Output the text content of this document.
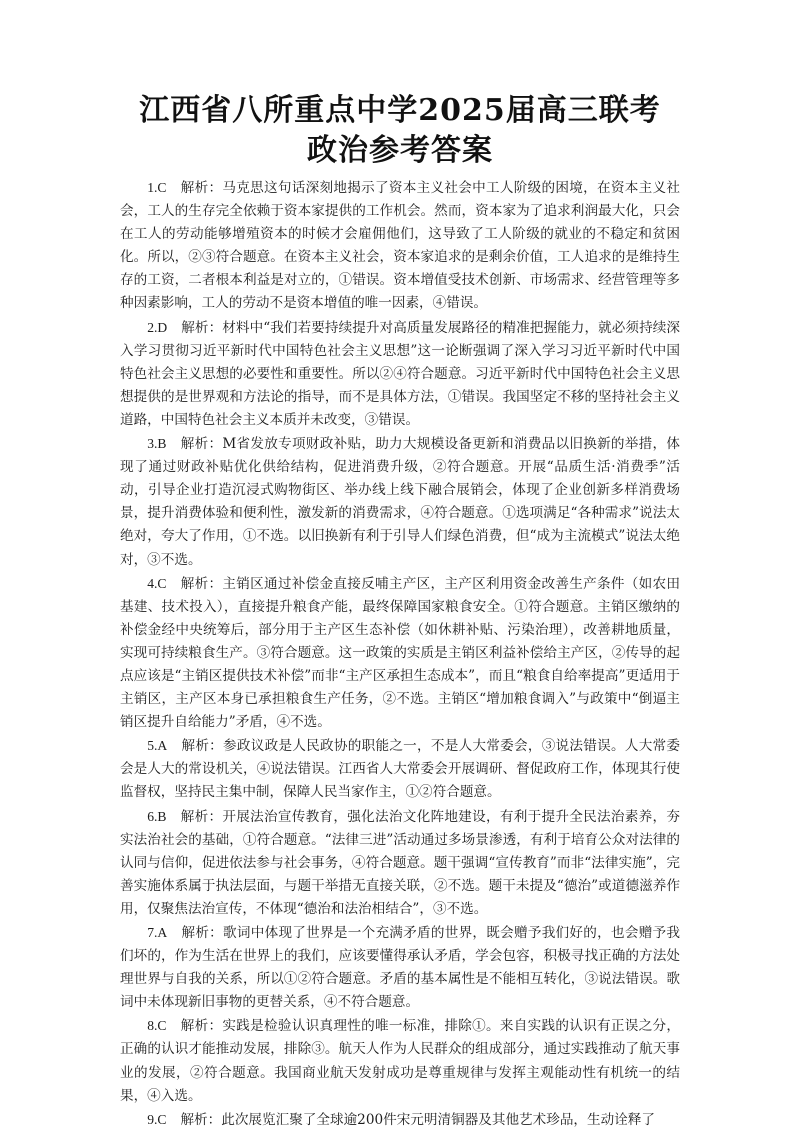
江西省八所重点中学2025届高三联考
政治参考答案

1.C 解析：马克思这句话深刻地揭示了资本主义社会中工人阶级的困境，在资本主义社会，工人的生存完全依赖于资本家提供的工作机会。然而，资本家为了追求利润最大化，只会在工人的劳动能够增殖资本的时候才会雇佣他们，这导致了工人阶级的就业的不稳定和贫困化。所以，②③符合题意。在资本主义社会，资本家追求的是剩余价值，工人追求的是维持生存的工资，二者根本利益是对立的，①错误。资本增值受技术创新、市场需求、经营管理等多种因素影响，工人的劳动不是资本增值的唯一因素，④错误。

2.D 解析：材料中“我们若要持续提升对高质量发展路径的精准把握能力，就必须持续深入学习贯彻习近平新时代中国特色社会主义思想”这一论断强调了深入学习习近平新时代中国特色社会主义思想的必要性和重要性。所以②④符合题意。习近平新时代中国特色社会主义思想提供的是世界观和方法论的指导，而不是具体方法，①错误。我国坚定不移的坚持社会主义道路，中国特色社会主义本质并未改变，③错误。

3.B 解析：M省发放专项财政补贴，助力大规模设备更新和消费品以旧换新的举措，体现了通过财政补贴优化供给结构，促进消费升级，②符合题意。开展“品质生活·消费季”活动，引导企业打造沉浸式购物街区、举办线上线下融合展销会，体现了企业创新多样消费场景，提升消费体验和便利性，激发新的消费需求，④符合题意。①选项满足“各种需求”说法太绝对，夸大了作用，①不选。以旧换新有利于引导人们绿色消费，但“成为主流模式”说法太绝对，③不选。

4.C 解析：主销区通过补偿金直接反哺主产区，主产区利用资金改善生产条件（如农田基建、技术投入），直接提升粮食产能，最终保障国家粮食安全。①符合题意。主销区缴纳的补偿金经中央统筹后，部分用于主产区生态补偿（如休耕补贴、污染治理），改善耕地质量，实现可持续粮食生产。③符合题意。这一政策的实质是主销区利益补偿给主产区，②传导的起点应该是“主销区提供技术补偿”而非“主产区承担生态成本”，而且“粮食自给率提高”更适用于主销区，主产区本身已承担粮食生产任务，②不选。主销区“增加粮食调入”与政策中“倒逼主销区提升自给能力”矛盾，④不选。

5.A 解析：参政议政是人民政协的职能之一，不是人大常委会，③说法错误。人大常委会是人大的常设机关，④说法错误。江西省人大常委会开展调研、督促政府工作，体现其行使监督权，坚持民主集中制，保障人民当家作主，①②符合题意。

6.B 解析：开展法治宣传教育，强化法治文化阵地建设，有利于提升全民法治素养，夯实法治社会的基础，①符合题意。“法律三进”活动通过多场景渗透，有利于培育公众对法律的认同与信仰，促进依法参与社会事务，④符合题意。题干强调“宣传教育”而非“法律实施”，完善实施体系属于执法层面，与题干举措无直接关联，②不选。题干未提及“德治”或道德滋养作用，仅聚焦法治宣传，不体现“德治和法治相结合”，③不选。

7.A 解析：歌词中体现了世界是一个充满矛盾的世界，既会赠予我们好的，也会赠予我们坏的，作为生活在世界上的我们，应该要懂得承认矛盾，学会包容，积极寻找正确的方法处理世界与自我的关系，所以①②符合题意。矛盾的基本属性是不能相互转化，③说法错误。歌词中未体现新旧事物的更替关系，④不符合题意。

8.C 解析：实践是检验认识真理性的唯一标准，排除①。来自实践的认识有正误之分，正确的认识才能推动发展，排除③。航天人作为人民群众的组成部分，通过实践推动了航天事业的发展，②符合题意。我国商业航天发射成功是尊重规律与发挥主观能动性有机统一的结果，④入选。

9.C 解析：此次展览汇聚了全球逾200件宋元明清铜器及其他艺术珍品，生动诠释了
